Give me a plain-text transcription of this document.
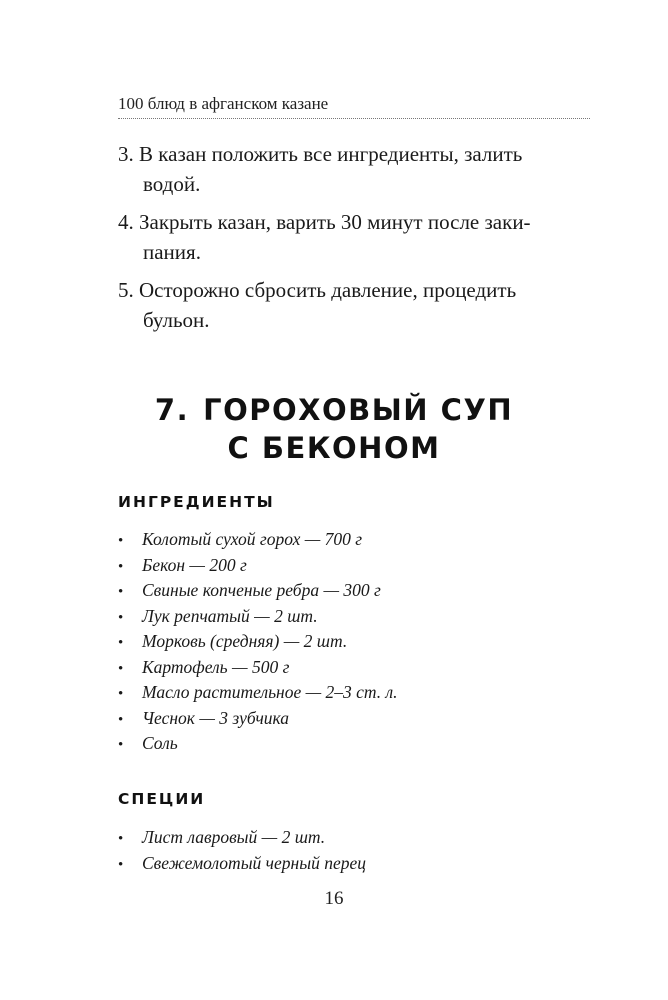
100 блюд в афганском казане
3. В казан положить все ингредиенты, залить
водой.
4. Закрыть казан, варить 30 минут после заки-
пания.
5. Осторожно сбросить давление, процедить
бульон.
7. ГОРОХОВЫЙ СУП
С БЕКОНОМ
ИНГРЕДИЕНТЫ
• Колотый сухой горох — 700 г
• Бекон — 200 г
• Свиные копченые ребра — 300 г
• Лук репчатый — 2 шт.
• Морковь (средняя) — 2 шт.
• Картофель — 500 г
• Масло растительное — 2–3 ст. л.
• Чеснок — 3 зубчика
• Соль
СПЕЦИИ
• Лист лавровый — 2 шт.
• Свежемолотый черный перец
16
